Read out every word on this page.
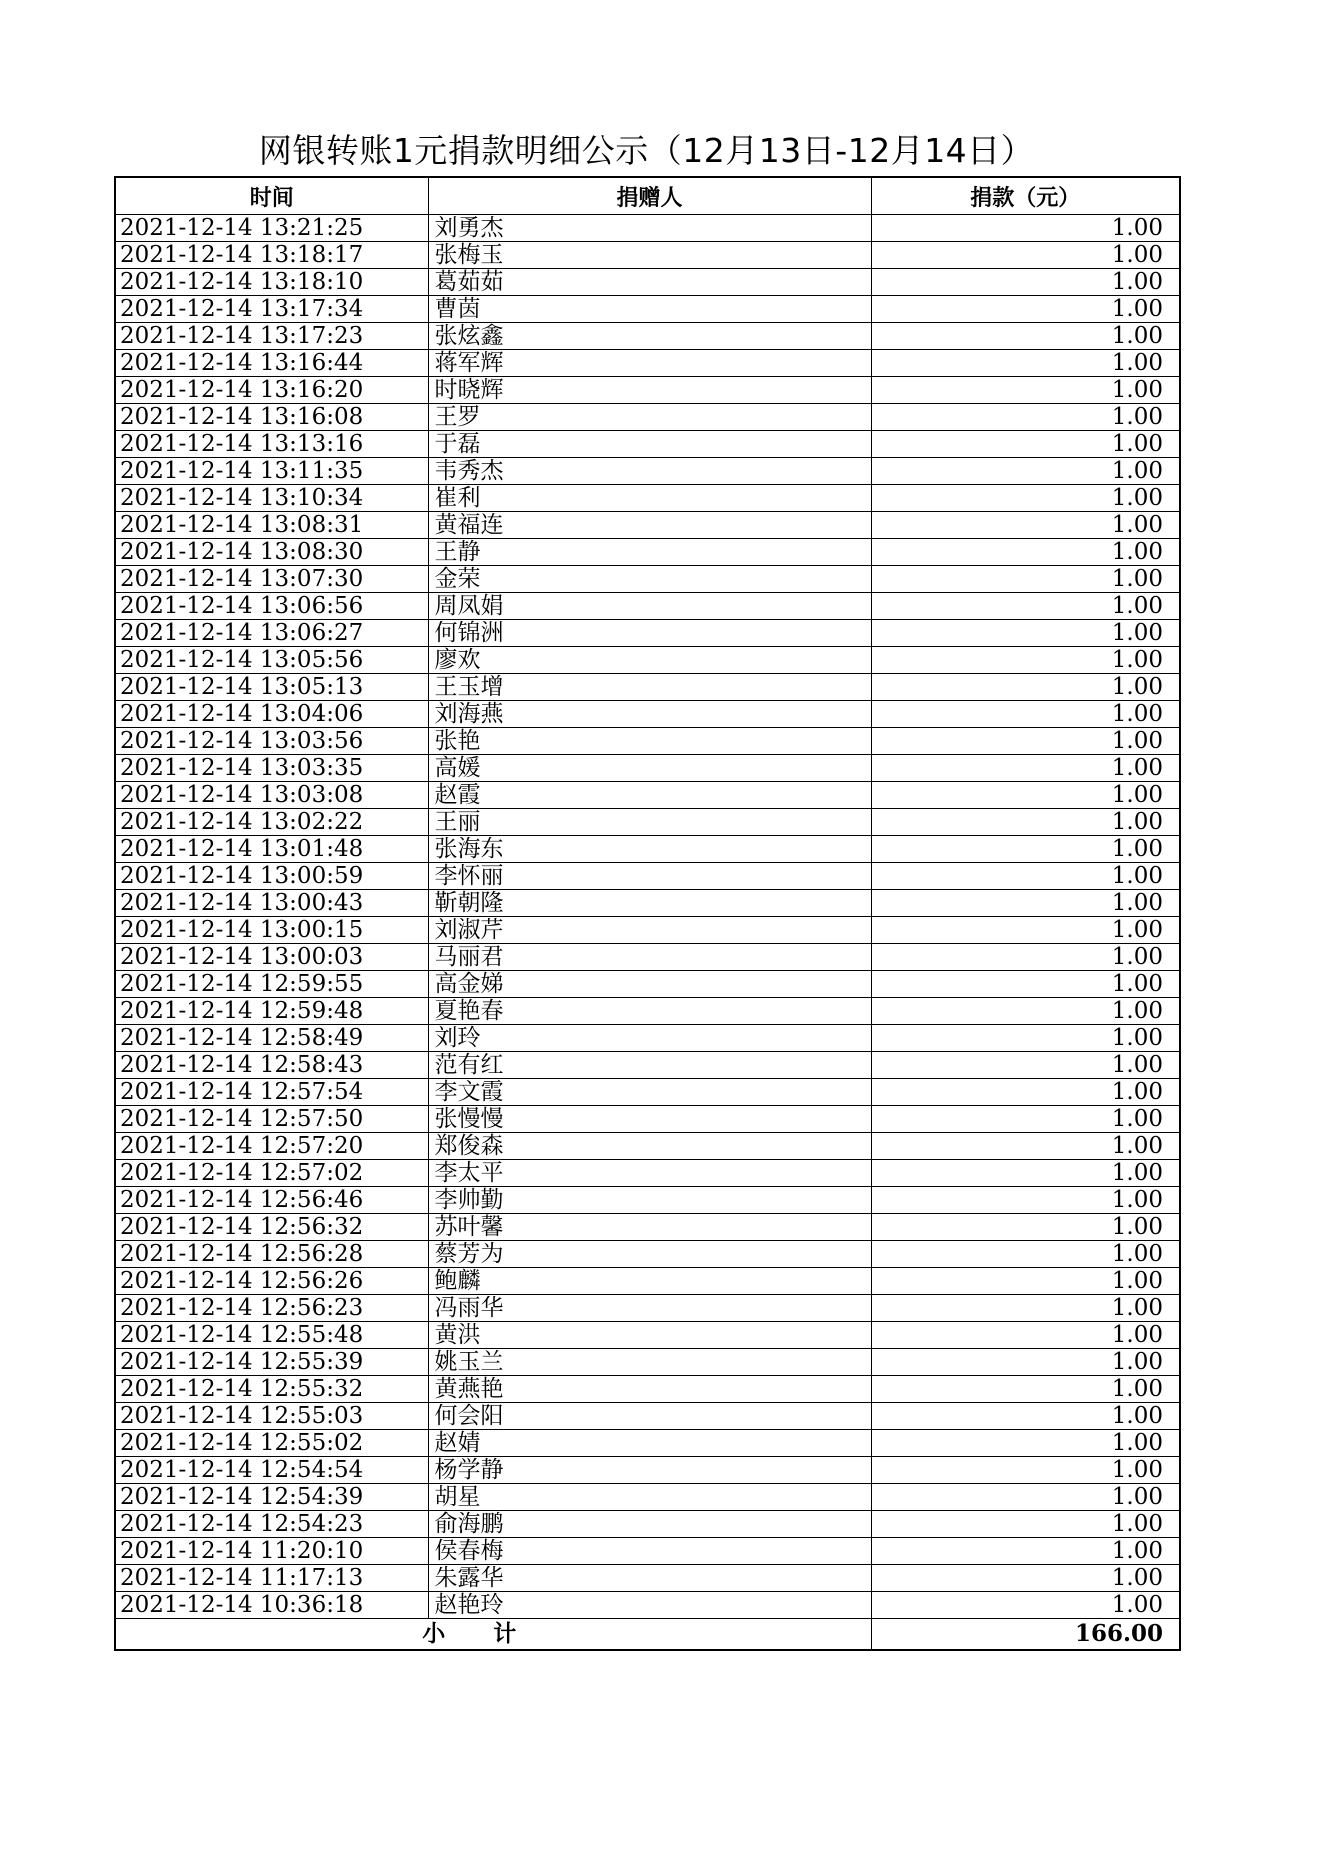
网银转账1元捐款明细公示（12月13日-12月14日）
时间	捐赠人	捐款（元）
2021-12-14 13:21:25	刘勇杰	1.00
2021-12-14 13:18:17	张梅玉	1.00
2021-12-14 13:18:10	葛茹茹	1.00
2021-12-14 13:17:34	曹茵	1.00
2021-12-14 13:17:23	张炫鑫	1.00
2021-12-14 13:16:44	蒋军辉	1.00
2021-12-14 13:16:20	时晓辉	1.00
2021-12-14 13:16:08	王罗	1.00
2021-12-14 13:13:16	于磊	1.00
2021-12-14 13:11:35	韦秀杰	1.00
2021-12-14 13:10:34	崔利	1.00
2021-12-14 13:08:31	黄福连	1.00
2021-12-14 13:08:30	王静	1.00
2021-12-14 13:07:30	金荣	1.00
2021-12-14 13:06:56	周凤娟	1.00
2021-12-14 13:06:27	何锦洲	1.00
2021-12-14 13:05:56	廖欢	1.00
2021-12-14 13:05:13	王玉增	1.00
2021-12-14 13:04:06	刘海燕	1.00
2021-12-14 13:03:56	张艳	1.00
2021-12-14 13:03:35	高媛	1.00
2021-12-14 13:03:08	赵霞	1.00
2021-12-14 13:02:22	王丽	1.00
2021-12-14 13:01:48	张海东	1.00
2021-12-14 13:00:59	李怀丽	1.00
2021-12-14 13:00:43	靳朝隆	1.00
2021-12-14 13:00:15	刘淑芹	1.00
2021-12-14 13:00:03	马丽君	1.00
2021-12-14 12:59:55	高金娣	1.00
2021-12-14 12:59:48	夏艳春	1.00
2021-12-14 12:58:49	刘玲	1.00
2021-12-14 12:58:43	范有红	1.00
2021-12-14 12:57:54	李文霞	1.00
2021-12-14 12:57:50	张慢慢	1.00
2021-12-14 12:57:20	郑俊森	1.00
2021-12-14 12:57:02	李太平	1.00
2021-12-14 12:56:46	李帅勤	1.00
2021-12-14 12:56:32	苏叶馨	1.00
2021-12-14 12:56:28	蔡芳为	1.00
2021-12-14 12:56:26	鲍麟	1.00
2021-12-14 12:56:23	冯雨华	1.00
2021-12-14 12:55:48	黄洪	1.00
2021-12-14 12:55:39	姚玉兰	1.00
2021-12-14 12:55:32	黄燕艳	1.00
2021-12-14 12:55:03	何会阳	1.00
2021-12-14 12:55:02	赵婧	1.00
2021-12-14 12:54:54	杨学静	1.00
2021-12-14 12:54:39	胡星	1.00
2021-12-14 12:54:23	俞海鹏	1.00
2021-12-14 11:20:10	侯春梅	1.00
2021-12-14 11:17:13	朱露华	1.00
2021-12-14 10:36:18	赵艳玲	1.00
小计		166.00
